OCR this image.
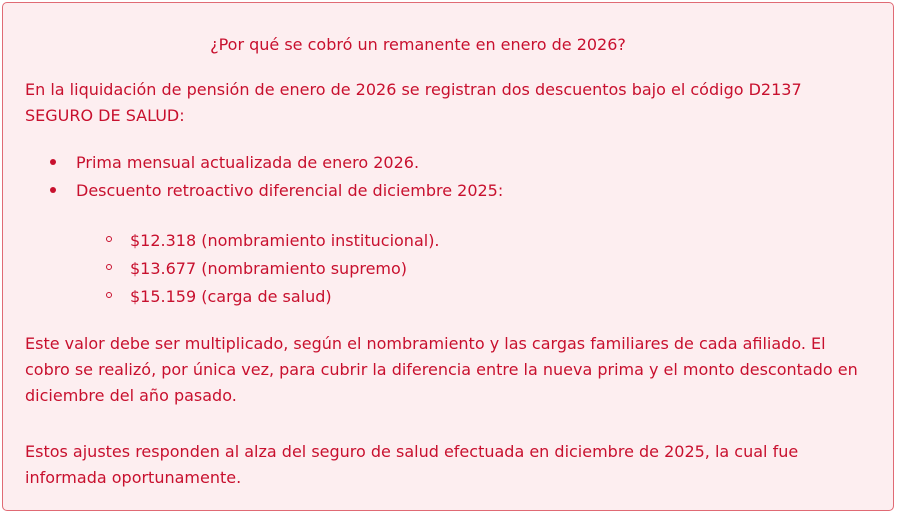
¿Por qué se cobró un remanente en enero de 2026?

En la liquidación de pensión de enero de 2026 se registran dos descuentos bajo el código D2137 SEGURO DE SALUD:

Prima mensual actualizada de enero 2026.
Descuento retroactivo diferencial de diciembre 2025:
$12.318 (nombramiento institucional).
$13.677 (nombramiento supremo)
$15.159 (carga de salud)

Este valor debe ser multiplicado, según el nombramiento y las cargas familiares de cada afiliado. El cobro se realizó, por única vez, para cubrir la diferencia entre la nueva prima y el monto descontado en diciembre del año pasado.

Estos ajustes responden al alza del seguro de salud efectuada en diciembre de 2025, la cual fue informada oportunamente.
